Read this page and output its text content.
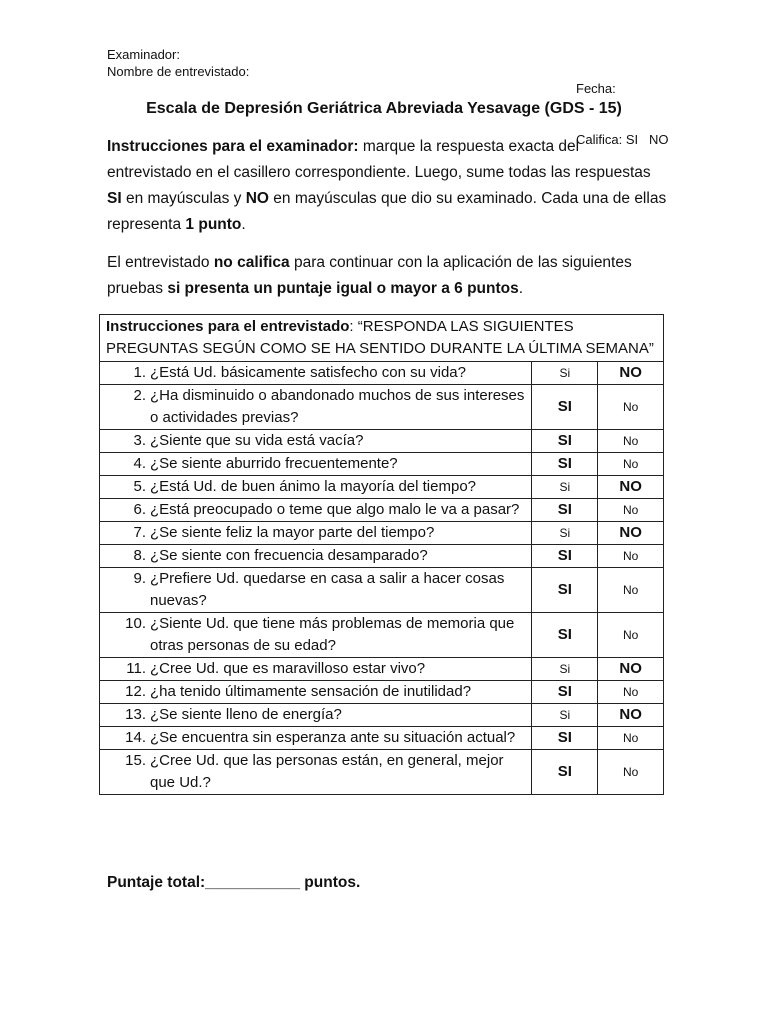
Examinador:
Nombre de entrevistado:

Fecha:

Califica: SI   NO

Escala de Depresión Geriátrica Abreviada Yesavage (GDS - 15)
Instrucciones para el examinador: marque la respuesta exacta del entrevistado en el casillero correspondiente. Luego, sume todas las respuestas SI en mayúsculas y NO en mayúsculas que dio su examinado. Cada una de ellas representa 1 punto.
El entrevistado no califica para continuar con la aplicación de las siguientes pruebas si presenta un puntaje igual o mayor a 6 puntos.
Instrucciones para el entrevistado: “RESPONDA LAS SIGUIENTES PREGUNTAS SEGÚN COMO SE HA SENTIDO DURANTE LA ÚLTIMA SEMANA”		

1. ¿Está Ud. básicamente satisfecho con su vida?	Si	NO

2. ¿Ha disminuido o abandonado muchos de sus intereses o actividades previas?	SI	No

3. ¿Siente que su vida está vacía?	SI	No

4. ¿Se siente aburrido frecuentemente?	SI	No

5. ¿Está Ud. de buen ánimo la mayoría del tiempo?	Si	NO

6. ¿Está preocupado o teme que algo malo le va a pasar?	SI	No

7. ¿Se siente feliz la mayor parte del tiempo?	Si	NO

8. ¿Se siente con frecuencia desamparado?	SI	No

9. ¿Prefiere Ud. quedarse en casa a salir a hacer cosas nuevas?	SI	No

10. ¿Siente Ud. que tiene más problemas de memoria que otras personas de su edad?	SI	No

11. ¿Cree Ud. que es maravilloso estar vivo?	Si	NO

12. ¿ha tenido últimamente sensación de inutilidad?	SI	No

13. ¿Se siente lleno de energía?	Si	NO

14. ¿Se encuentra sin esperanza ante su situación actual?	SI	No

15. ¿Cree Ud. que las personas están, en general, mejor que Ud.?	SI	No
Puntaje total:___________ puntos.
